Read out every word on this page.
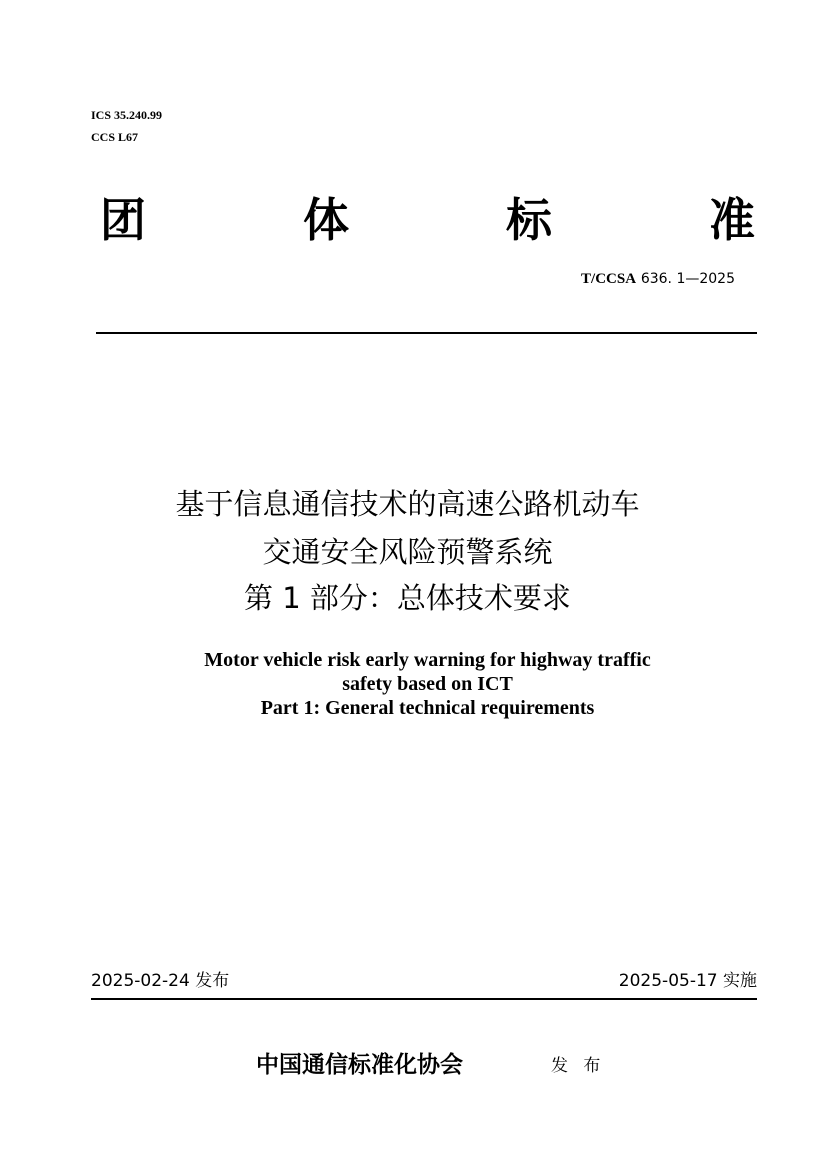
ICS 35.240.99
CCS L67
团	体	标	准
T/CCSA 636. 1—2025
基于信息通信技术的高速公路机动车
交通安全风险预警系统
第 1 部分：总体技术要求
Motor vehicle risk early warning for highway traffic
safety based on ICT
Part 1: General technical requirements
2025-02-24 发布	2025-05-17 实施
中国通信标准化协会	发 布
